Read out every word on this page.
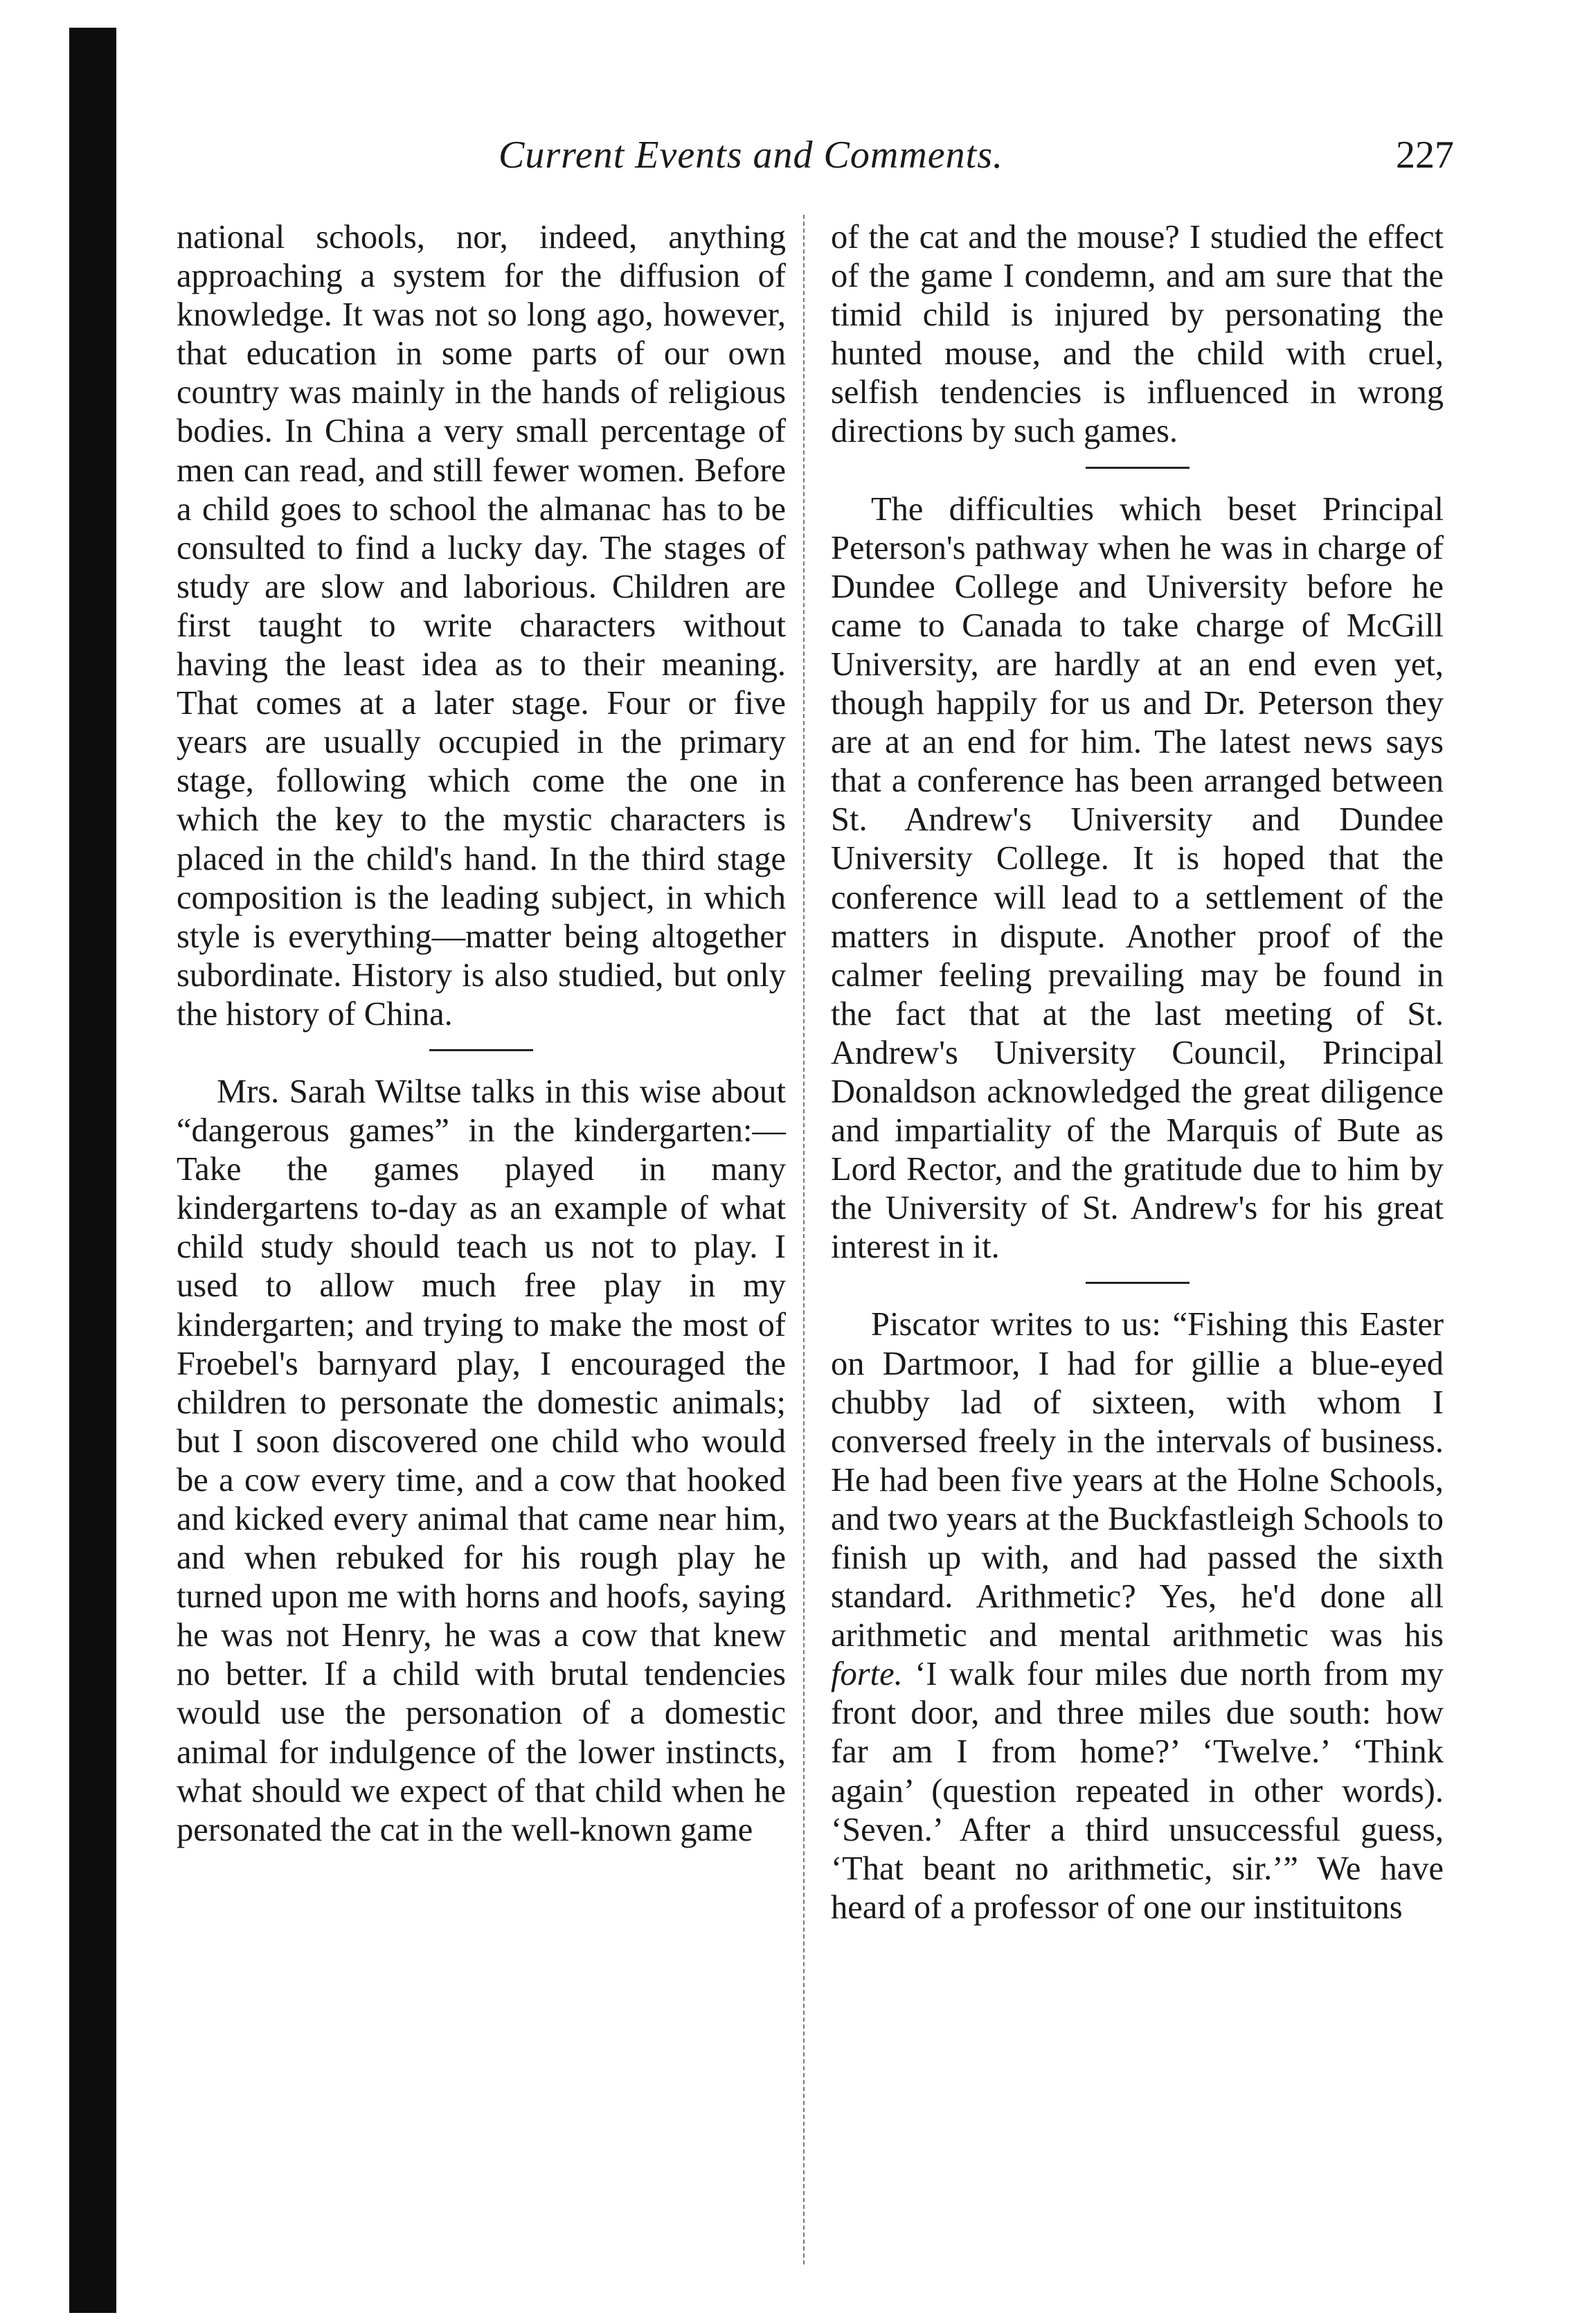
Current Events and Comments.	227

national schools, nor, indeed, anything approaching a system for the diffusion of knowledge. It was not so long ago, however, that education in some parts of our own country was mainly in the hands of religious bodies. In China a very small percentage of men can read, and still fewer women. Before a child goes to school the almanac has to be consulted to find a lucky day. The stages of study are slow and laborious. Children are first taught to write characters without having the least idea as to their meaning. That comes at a later stage. Four or five years are usually occupied in the primary stage, following which come the one in which the key to the mystic characters is placed in the child's hand. In the third stage composition is the leading subject, in which style is everything—matter being altogether subordinate. History is also studied, but only the history of China.

Mrs. Sarah Wiltse talks in this wise about “dangerous games” in the kindergarten:—Take the games played in many kindergartens to-day as an example of what child study should teach us not to play. I used to allow much free play in my kindergarten; and trying to make the most of Froebel's barnyard play, I encouraged the children to personate the domestic animals; but I soon discovered one child who would be a cow every time, and a cow that hooked and kicked every animal that came near him, and when rebuked for his rough play he turned upon me with horns and hoofs, saying he was not Henry, he was a cow that knew no better. If a child with brutal tendencies would use the personation of a domestic animal for indulgence of the lower instincts, what should we expect of that child when he personated the cat in the well-known game

of the cat and the mouse? I studied the effect of the game I condemn, and am sure that the timid child is injured by personating the hunted mouse, and the child with cruel, selfish tendencies is influenced in wrong directions by such games.

The difficulties which beset Principal Peterson's pathway when he was in charge of Dundee College and University before he came to Canada to take charge of McGill University, are hardly at an end even yet, though happily for us and Dr. Peterson they are at an end for him. The latest news says that a conference has been arranged between St. Andrew's University and Dundee University College. It is hoped that the conference will lead to a settlement of the matters in dispute. Another proof of the calmer feeling prevailing may be found in the fact that at the last meeting of St. Andrew's University Council, Principal Donaldson acknowledged the great diligence and impartiality of the Marquis of Bute as Lord Rector, and the gratitude due to him by the University of St. Andrew's for his great interest in it.

Piscator writes to us: “Fishing this Easter on Dartmoor, I had for gillie a blue-eyed chubby lad of sixteen, with whom I conversed freely in the intervals of business. He had been five years at the Holne Schools, and two years at the Buckfastleigh Schools to finish up with, and had passed the sixth standard. Arithmetic? Yes, he'd done all arithmetic and mental arithmetic was his forte. ‘I walk four miles due north from my front door, and three miles due south: how far am I from home?’ ‘Twelve.’ ‘Think again’ (question repeated in other words). ‘Seven.’ After a third unsuccessful guess, ‘That beant no arithmetic, sir.’” We have heard of a professor of one our instituitons
